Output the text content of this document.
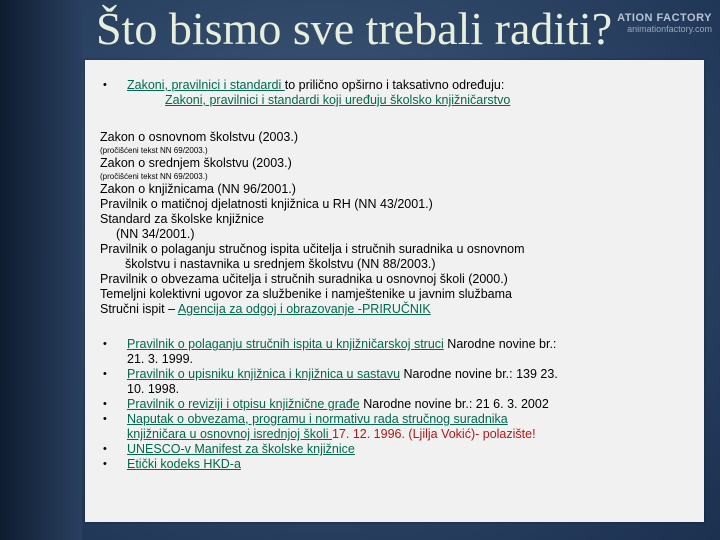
Što bismo sve trebali raditi? ATION FACTORY
animationfactory.com
• Zakoni, pravilnici i standardi to prilično opširno i taksativno određuju:
Zakoni, pravilnici i standardi koji uređuju školsko knjižničarstvo
Zakon o osnovnom školstvu (2003.)
(pročišćeni tekst NN 69/2003.)
Zakon o srednjem školstvu (2003.)
(pročišćeni tekst NN 69/2003.)
Zakon o knjižnicama (NN 96/2001.)
Pravilnik o matičnoj djelatnosti knjižnica u RH (NN 43/2001.)
Standard za školske knjižnice
(NN 34/2001.)
Pravilnik o polaganju stručnog ispita učitelja i stručnih suradnika u osnovnom
školstvu i nastavnika u srednjem školstvu (NN 88/2003.)
Pravilnik o obvezama učitelja i stručnih suradnika u osnovnoj školi (2000.)
Temeljni kolektivni ugovor za službenike i namještenike u javnim službama
Stručni ispit – Agencija za odgoj i obrazovanje -PRIRUČNIK
• Pravilnik o polaganju stručnih ispita u knjižničarskoj struci Narodne novine br.:
21. 3. 1999.
• Pravilnik o upisniku knjižnica i knjižnica u sastavu Narodne novine br.: 139 23.
10. 1998.
• Pravilnik o reviziji i otpisu knjižnične građe Narodne novine br.: 21 6. 3. 2002
• Naputak o obvezama, programu i normativu rada stručnog suradnika
knjižničara u osnovnoj isrednjoj školi 17. 12. 1996. (Ljilja Vokić)- polazište!
• UNESCO-v Manifest za školske knjižnice
• Etički kodeks HKD-a
